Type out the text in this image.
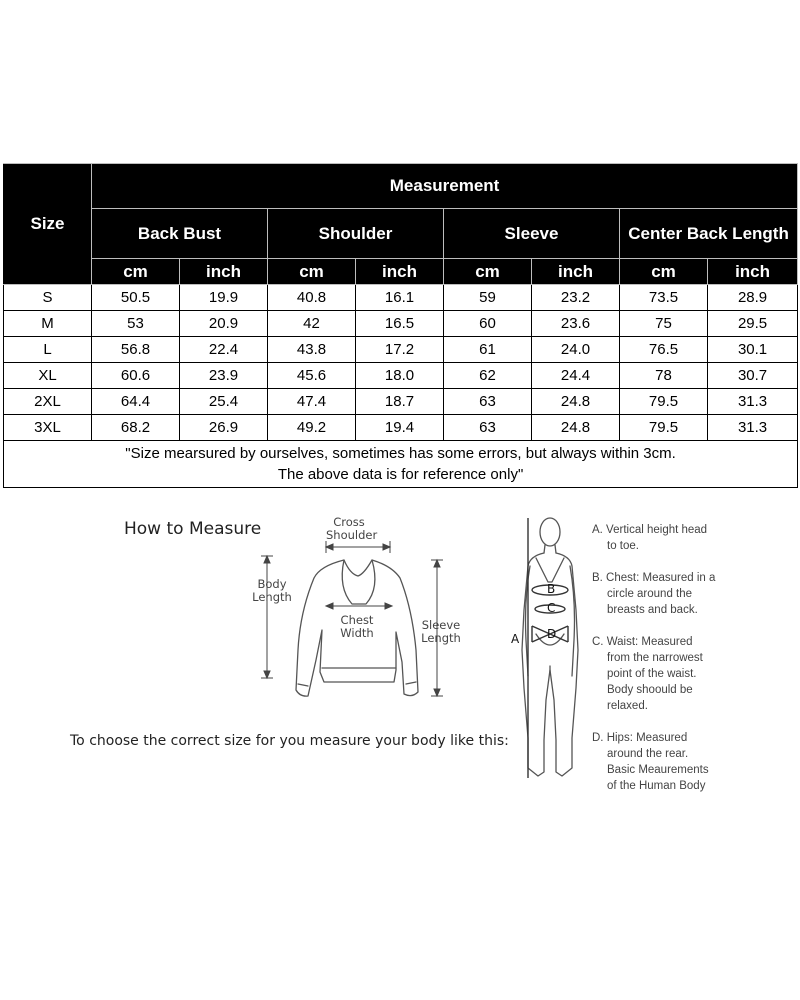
Size	Measurement							
	Back Bust		Shoulder		Sleeve		Center Back Length	
	cm	inch	cm	inch	cm	inch	cm	inch
S	50.5	19.9	40.8	16.1	59	23.2	73.5	28.9
M	53	20.9	42	16.5	60	23.6	75	29.5
L	56.8	22.4	43.8	17.2	61	24.0	76.5	30.1
XL	60.6	23.9	45.6	18.0	62	24.4	78	30.7
2XL	64.4	25.4	47.4	18.7	63	24.8	79.5	31.3
3XL	68.2	26.9	49.2	19.4	63	24.8	79.5	31.3
"Size mearsured by ourselves, sometimes has some errors, but always within 3cm.
The above data is for reference only"								
How to Measure	Cross
Shoulder
Body
Length
Chest
Width
Sleeve
Length	A
B
C
D
A. Vertical height head
to toe.
B. Chest: Measured in a
circle around the
breasts and back.
C. Waist: Measured
from the narrowest
point of the waist.
Body shoould be
relaxed.
D. Hips: Measured
around the rear.
Basic Meaurements
of the Human Body
To choose the correct size for you measure your body like this:
